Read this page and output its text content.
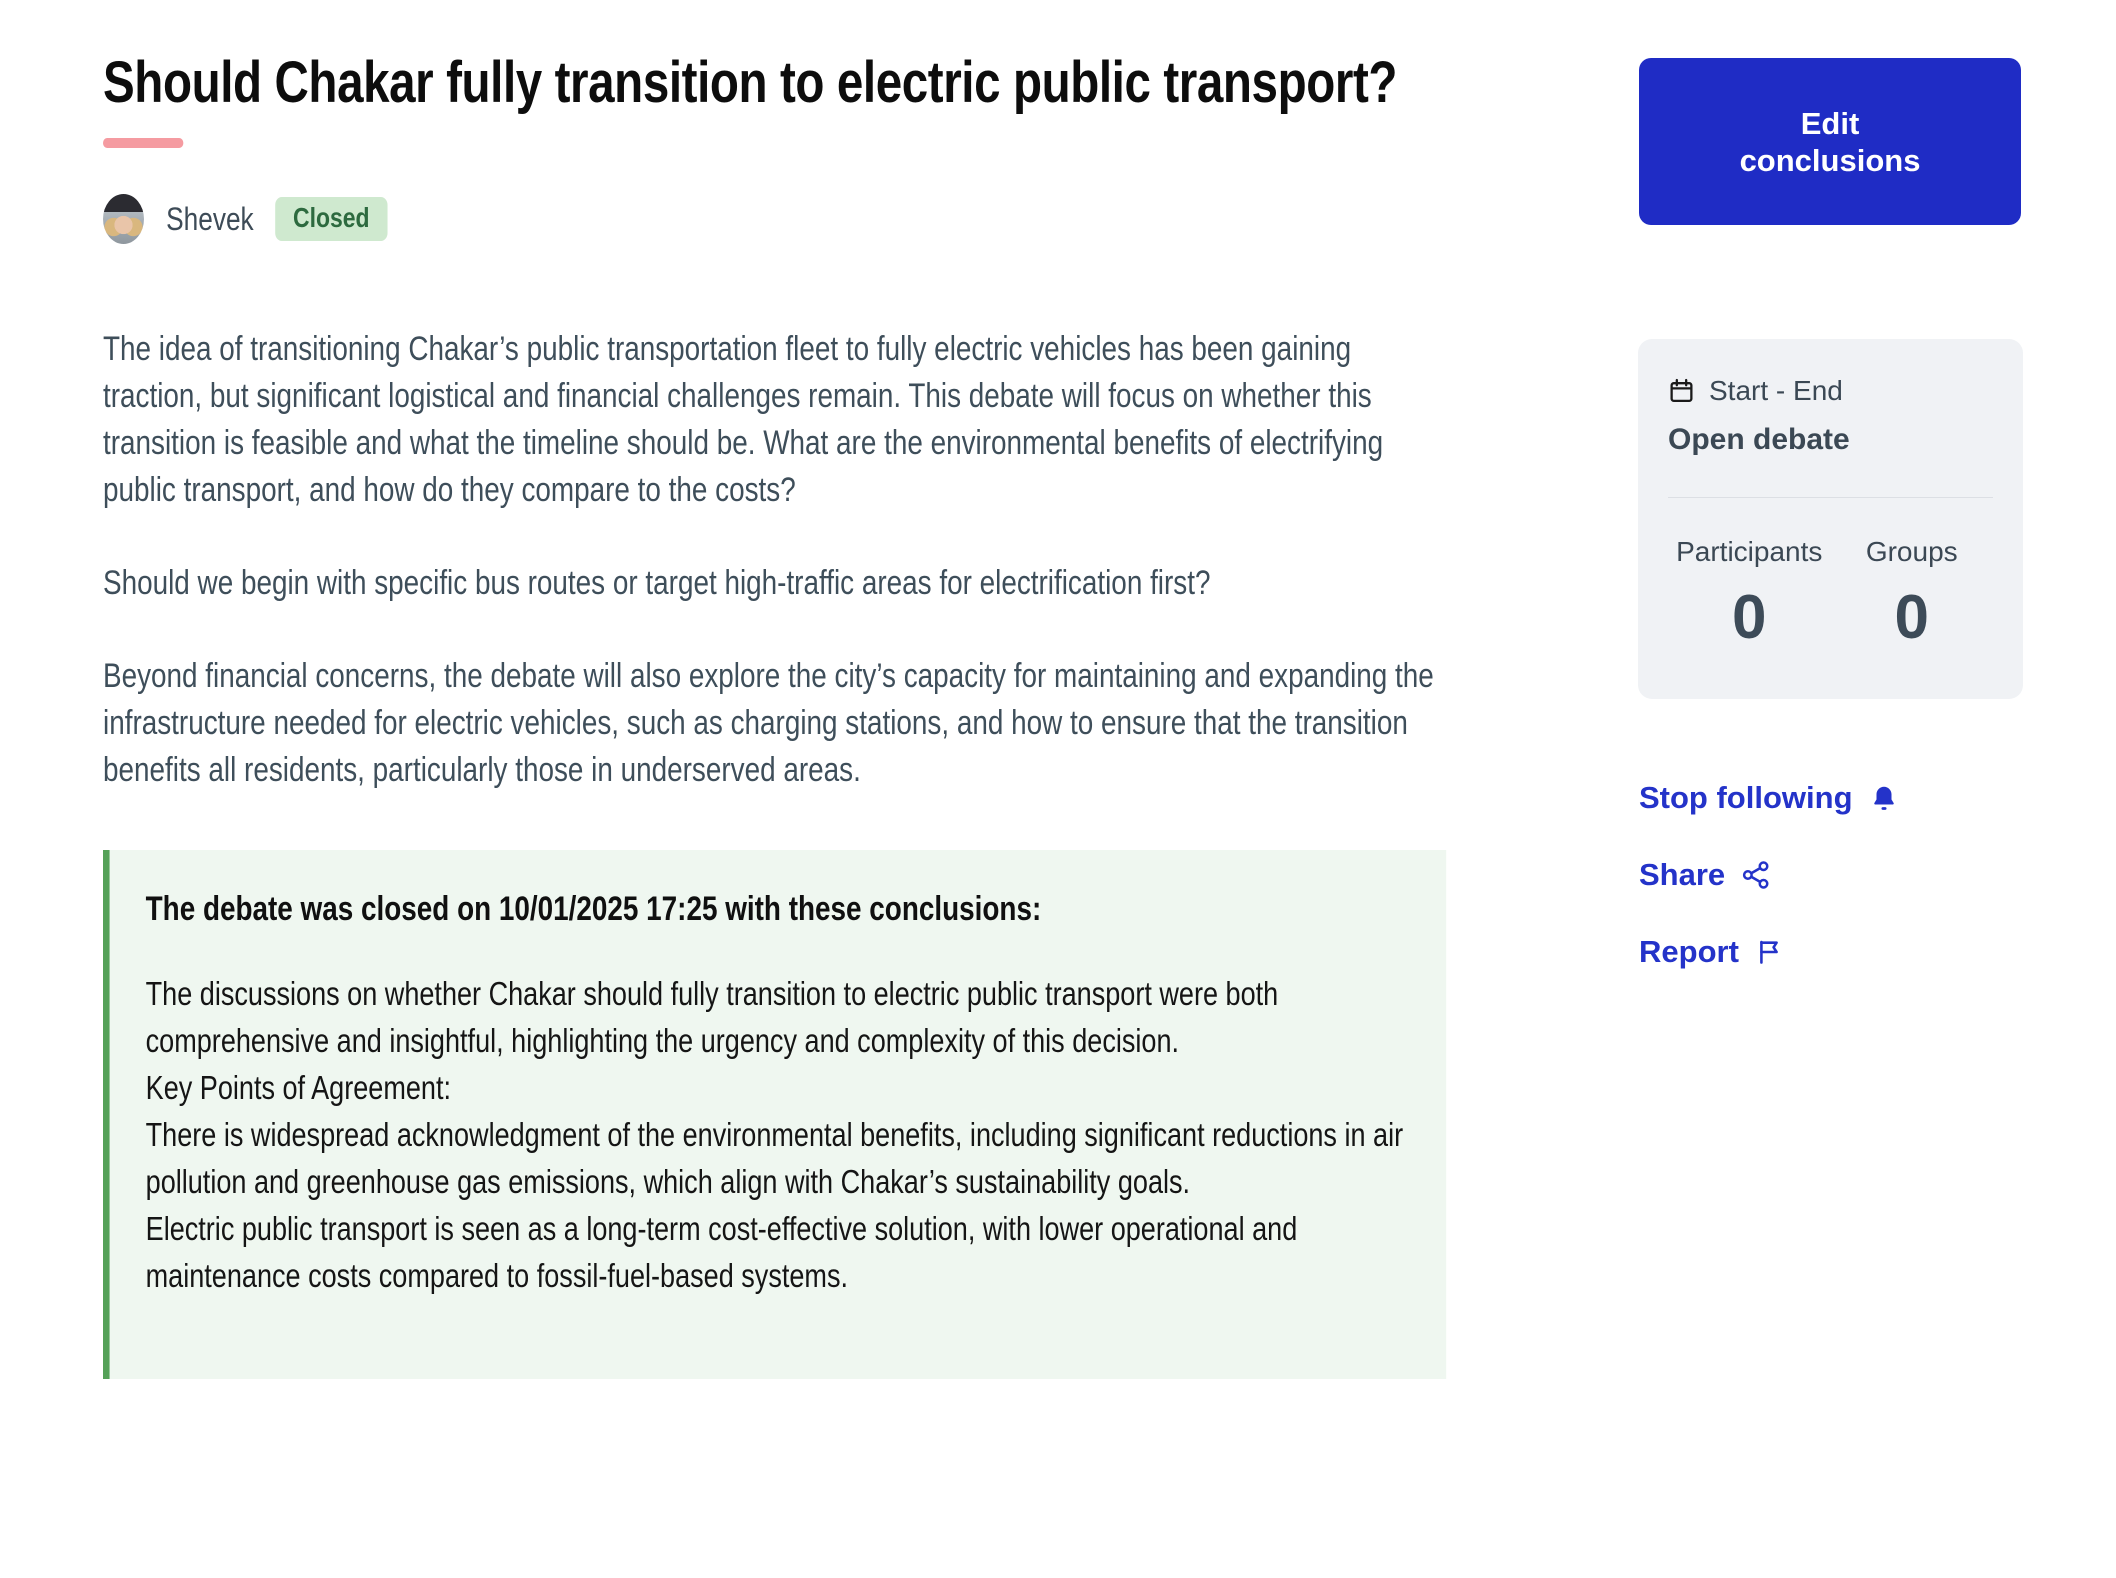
Should Chakar fully transition to electric public transport?
Shevek	Closed

The idea of transitioning Chakar’s public transportation fleet to fully electric vehicles has been gaining traction, but significant logistical and financial challenges remain. This debate will focus on whether this transition is feasible and what the timeline should be. What are the environmental benefits of electrifying public transport, and how do they compare to the costs?

Should we begin with specific bus routes or target high-traffic areas for electrification first?

Beyond financial concerns, the debate will also explore the city’s capacity for maintaining and expanding the infrastructure needed for electric vehicles, such as charging stations, and how to ensure that the transition benefits all residents, particularly those in underserved areas.

The debate was closed on 10/01/2025 17:25 with these conclusions:
The discussions on whether Chakar should fully transition to electric public transport were both comprehensive and insightful, highlighting the urgency and complexity of this decision.
Key Points of Agreement:
There is widespread acknowledgment of the environmental benefits, including significant reductions in air pollution and greenhouse gas emissions, which align with Chakar’s sustainability goals.
Electric public transport is seen as a long-term cost-effective solution, with lower operational and maintenance costs compared to fossil-fuel-based systems.
Edit conclusions
Start - End
Open debate
Participants
0
Groups
0
Stop following
Share
Report
